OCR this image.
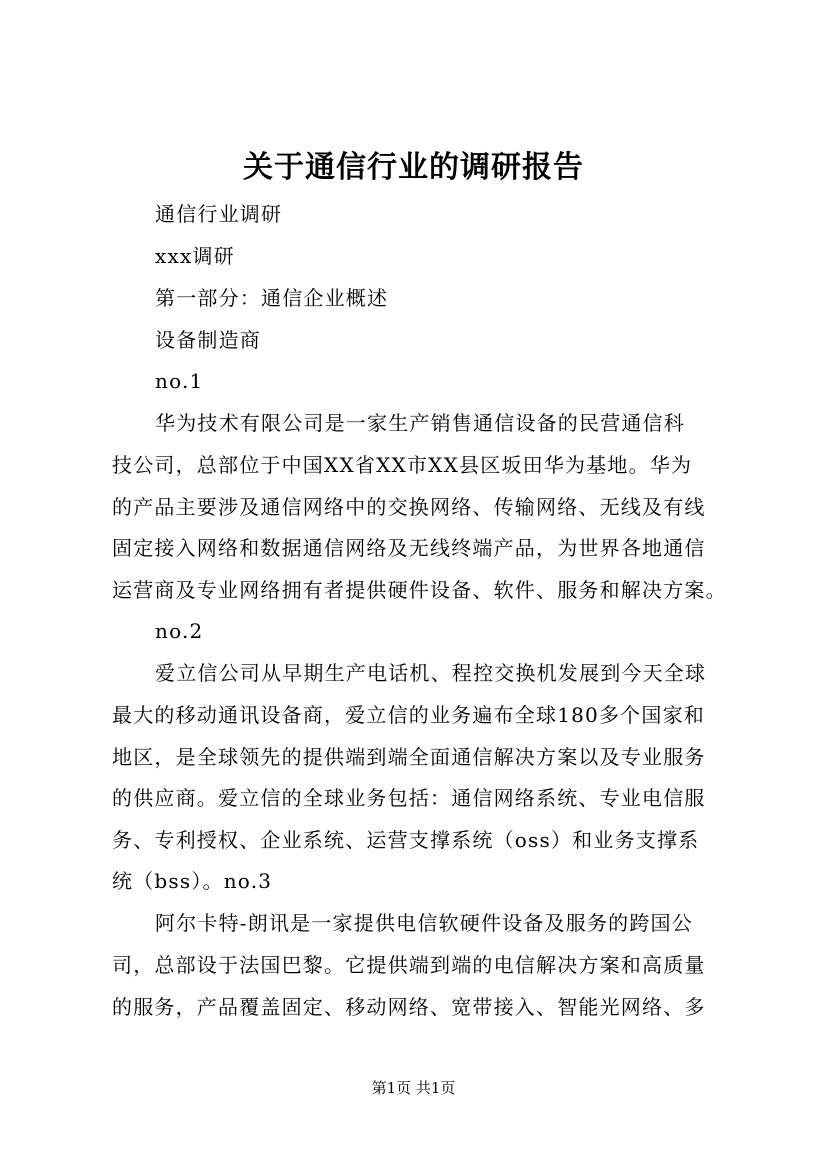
关于通信行业的调研报告
通信行业调研
xxx调研
第一部分：通信企业概述
设备制造商
no.1
华为技术有限公司是一家生产销售通信设备的民营通信科
技公司，总部位于中国XX省XX市XX县区坂田华为基地。华为
的产品主要涉及通信网络中的交换网络、传输网络、无线及有线
固定接入网络和数据通信网络及无线终端产品，为世界各地通信
运营商及专业网络拥有者提供硬件设备、软件、服务和解决方案。
no.2
爱立信公司从早期生产电话机、程控交换机发展到今天全球
最大的移动通讯设备商，爱立信的业务遍布全球180多个国家和
地区，是全球领先的提供端到端全面通信解决方案以及专业服务
的供应商。爱立信的全球业务包括：通信网络系统、专业电信服
务、专利授权、企业系统、运营支撑系统（oss）和业务支撑系
统（bss）。no.3
阿尔卡特-朗讯是一家提供电信软硬件设备及服务的跨国公
司，总部设于法国巴黎。它提供端到端的电信解决方案和高质量
的服务，产品覆盖固定、移动网络、宽带接入、智能光网络、多
第1页 共1页
